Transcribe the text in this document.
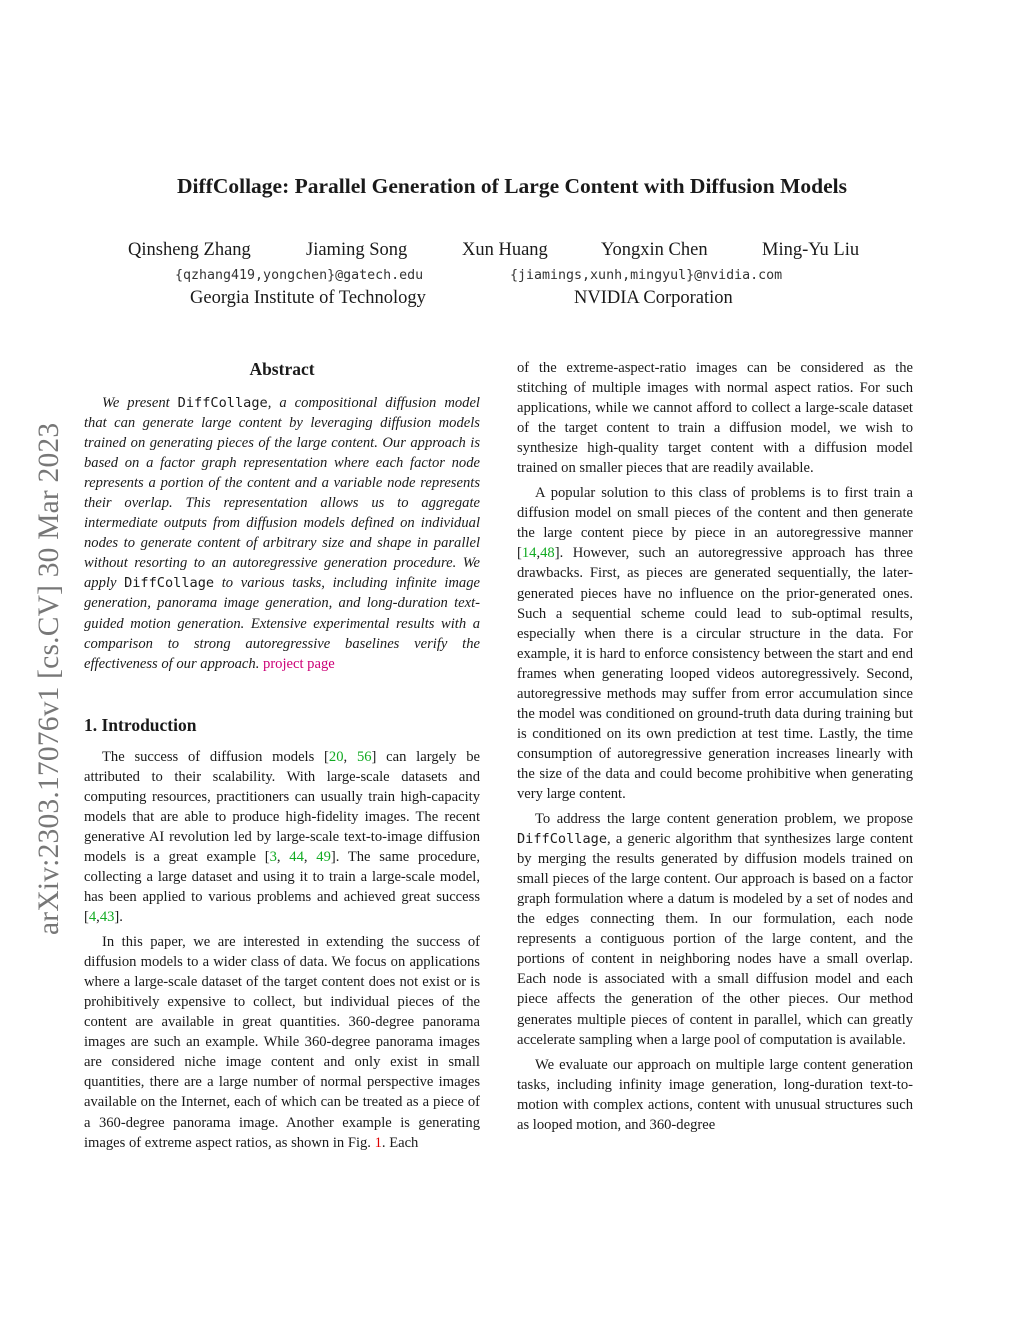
arXiv:2303.17076v1 [cs.CV] 30 Mar 2023
DiffCollage: Parallel Generation of Large Content with Diffusion Models
Qinsheng Zhang	Jiaming Song	Xun Huang	Yongxin Chen	Ming-Yu Liu
{qzhang419,yongchen}@gatech.edu	{jiamings,xunh,mingyul}@nvidia.com
Georgia Institute of Technology	NVIDIA Corporation
Abstract

We present DiffCollage, a compositional diffusion model that can generate large content by leveraging diffusion models trained on generating pieces of the large content. Our approach is based on a factor graph representation where each factor node represents a portion of the content and a variable node represents their overlap. This representation allows us to aggregate intermediate outputs from diffusion models defined on individual nodes to generate content of arbitrary size and shape in parallel without resorting to an autoregressive generation procedure. We apply DiffCollage to various tasks, including infinite image generation, panorama image generation, and long-duration text-guided motion generation. Extensive experimental results with a comparison to strong autoregressive baselines verify the effectiveness of our approach. project page

1. Introduction

The success of diffusion models [20, 56] can largely be attributed to their scalability. With large-scale datasets and computing resources, practitioners can usually train high-capacity models that are able to produce high-fidelity images. The recent generative AI revolution led by large-scale text-to-image diffusion models is a great example [3, 44, 49]. The same procedure, collecting a large dataset and using it to train a large-scale model, has been applied to various problems and achieved great success [4,43].

In this paper, we are interested in extending the success of diffusion models to a wider class of data. We focus on applications where a large-scale dataset of the target content does not exist or is prohibitively expensive to collect, but individual pieces of the content are available in great quantities. 360-degree panorama images are such an example. While 360-degree panorama images are considered niche image content and only exist in small quantities, there are a large number of normal perspective images available on the Internet, each of which can be treated as a piece of a 360-degree panorama image. Another example is generating images of extreme aspect ratios, as shown in Fig. 1. Each

of the extreme-aspect-ratio images can be considered as the stitching of multiple images with normal aspect ratios. For such applications, while we cannot afford to collect a large-scale dataset of the target content to train a diffusion model, we wish to synthesize high-quality target content with a diffusion model trained on smaller pieces that are readily available.

A popular solution to this class of problems is to first train a diffusion model on small pieces of the content and then generate the large content piece by piece in an autoregressive manner [14,48]. However, such an autoregressive approach has three drawbacks. First, as pieces are generated sequentially, the later-generated pieces have no influence on the prior-generated ones. Such a sequential scheme could lead to sub-optimal results, especially when there is a circular structure in the data. For example, it is hard to enforce consistency between the start and end frames when generating looped videos autoregressively. Second, autoregressive methods may suffer from error accumulation since the model was conditioned on ground-truth data during training but is conditioned on its own prediction at test time. Lastly, the time consumption of autoregressive generation increases linearly with the size of the data and could become prohibitive when generating very large content.

To address the large content generation problem, we propose DiffCollage, a generic algorithm that synthesizes large content by merging the results generated by diffusion models trained on small pieces of the large content. Our approach is based on a factor graph formulation where a datum is modeled by a set of nodes and the edges connecting them. In our formulation, each node represents a contiguous portion of the large content, and the portions of content in neighboring nodes have a small overlap. Each node is associated with a small diffusion model and each piece affects the generation of the other pieces. Our method generates multiple pieces of content in parallel, which can greatly accelerate sampling when a large pool of computation is available.

We evaluate our approach on multiple large content generation tasks, including infinity image generation, long-duration text-to-motion with complex actions, content with unusual structures such as looped motion, and 360-degree
